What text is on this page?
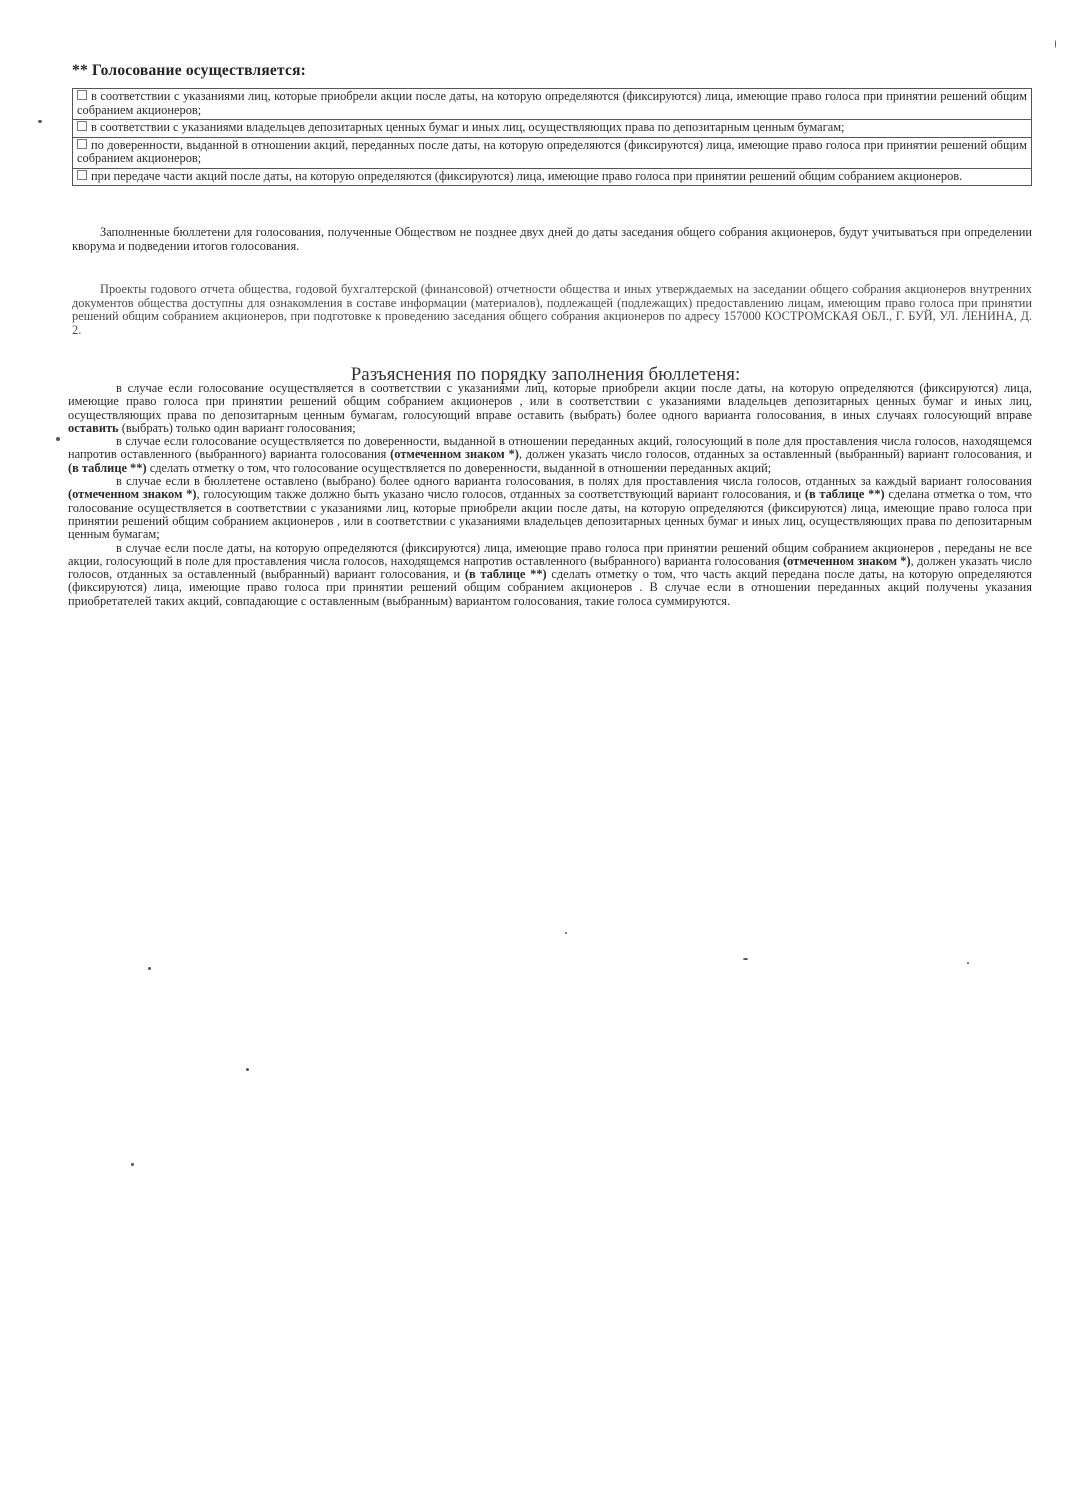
** Голосование осуществляется:
в соответствии с указаниями лиц, которые приобрели акции после даты, на которую определяются (фиксируются) лица, имеющие право голоса при принятии решений общим собранием акционеров;
в соответствии с указаниями владельцев депозитарных ценных бумаг и иных лиц, осуществляющих права по депозитарным ценным бумагам;
по доверенности, выданной в отношении акций, переданных после даты, на которую определяются (фиксируются) лица, имеющие право голоса при принятии решений общим собранием акционеров;
при передаче части акций после даты, на которую определяются (фиксируются) лица, имеющие право голоса при принятии решений общим собранием акционеров.
Заполненные бюллетени для голосования, полученные Обществом не позднее двух дней до даты заседания общего собрания акционеров, будут учитываться при определении кворума и подведении итогов голосования.
Проекты годового отчета общества, годовой бухгалтерской (финансовой) отчетности общества и иных утверждаемых на заседании общего собрания акционеров внутренних документов общества доступны для ознакомления в составе информации (материалов), подлежащей (подлежащих) предоставлению лицам, имеющим право голоса при принятии решений общим собранием акционеров, при подготовке к проведению заседания общего собрания акционеров по адресу 157000 КОСТРОМСКАЯ ОБЛ., Г. БУЙ, УЛ. ЛЕНИНА, Д. 2.
Разъяснения по порядку заполнения бюллетеня:

в случае если голосование осуществляется в соответствии с указаниями лиц, которые приобрели акции после даты, на которую определяются (фиксируются) лица, имеющие право голоса при принятии решений общим собранием акционеров , или в соответствии с указаниями владельцев депозитарных ценных бумаг и иных лиц, осуществляющих права по депозитарным ценным бумагам, голосующий вправе оставить (выбрать) более одного варианта голосования, в иных случаях голосующий вправе оставить (выбрать) только один вариант голосования;

в случае если голосование осуществляется по доверенности, выданной в отношении переданных акций, голосующий в поле для проставления числа голосов, находящемся напротив оставленного (выбранного) варианта голосования (отмеченном знаком *), должен указать число голосов, отданных за оставленный (выбранный) вариант голосования, и (в таблице **) сделать отметку о том, что голосование осуществляется по доверенности, выданной в отношении переданных акций;

в случае если в бюллетене оставлено (выбрано) более одного варианта голосования, в полях для проставления числа голосов, отданных за каждый вариант голосования (отмеченном знаком *), голосующим также должно быть указано число голосов, отданных за соответствующий вариант голосования, и (в таблице **) сделана отметка о том, что голосование осуществляется в соответствии с указаниями лиц, которые приобрели акции после даты, на которую определяются (фиксируются) лица, имеющие право голоса при принятии решений общим собранием акционеров , или в соответствии с указаниями владельцев депозитарных ценных бумаг и иных лиц, осуществляющих права по депозитарным ценным бумагам;

в случае если после даты, на которую определяются (фиксируются) лица, имеющие право голоса при принятии решений общим собранием акционеров , переданы не все акции, голосующий в поле для проставления числа голосов, находящемся напротив оставленного (выбранного) варианта голосования (отмеченном знаком *), должен указать число голосов, отданных за оставленный (выбранный) вариант голосования, и (в таблице **) сделать отметку о том, что часть акций передана после даты, на которую определяются (фиксируются) лица, имеющие право голоса при принятии решений общим собранием акционеров . В случае если в отношении переданных акций получены указания приобретателей таких акций, совпадающие с оставленным (выбранным) вариантом голосования, такие голоса суммируются.
